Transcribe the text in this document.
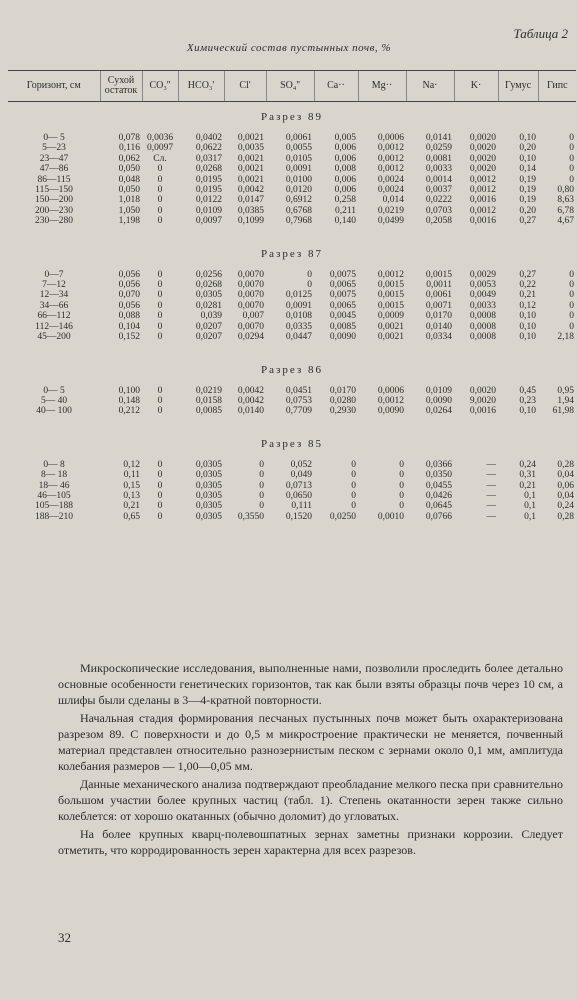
Таблица 2
Химический состав пустынных почв, %
Горизонт, см	Сухой остаток	CO₃''	HCO₃'	Cl'	SO₄''	Ca··	Mg··	Na·	K·	Гумус	Гипс
Разрез 89											
0— 5	0,078	0,0036	0,0402	0,0021	0,0061	0,005	0,0006	0,0141	0,0020	0,10	0
5—23	0,116	0,0097	0,0622	0,0035	0,0055	0,006	0,0012	0,0259	0,0020	0,20	0
23—47	0,062	Сл.	0,0317	0,0021	0,0105	0,006	0,0012	0,0081	0,0020	0,10	0
47—86	0,050	0	0,0268	0,0021	0,0091	0,008	0,0012	0,0033	0,0020	0,14	0
86—115	0,048	0	0,0195	0,0021	0,0100	0,006	0,0024	0,0014	0,0012	0,19	0
115—150	0,050	0	0,0195	0,0042	0,0120	0,006	0,0024	0,0037	0,0012	0,19	0,80
150—200	1,018	0	0,0122	0,0147	0,6912	0,258	0,014	0,0222	0,0016	0,19	8,63
200—230	1,050	0	0,0109	0,0385	0,6768	0,211	0,0219	0,0703	0,0012	0,20	6,78
230—280	1,198	0	0,0097	0,1099	0,7968	0,140	0,0499	0,2058	0,0016	0,27	4,67

Разрез 87											
0—7	0,056	0	0,0256	0,0070	0	0,0075	0,0012	0,0015	0,0029	0,27	0
7—12	0,056	0	0,0268	0,0070	0	0,0065	0,0015	0,0011	0,0053	0,22	0
12—34	0,070	0	0,0305	0,0070	0,0125	0,0075	0,0015	0,0061	0,0049	0,21	0
34—66	0,056	0	0,0281	0,0070	0,0091	0,0065	0,0015	0,0071	0,0033	0,12	0
66—112	0,088	0	0,039	0,007	0,0108	0,0045	0,0009	0,0170	0,0008	0,10	0
112—146	0,104	0	0,0207	0,0070	0,0335	0,0085	0,0021	0,0140	0,0008	0,10	0
45—200	0,152	0	0,0207	0,0294	0,0447	0,0090	0,0021	0,0334	0,0008	0,10	2,18

Разрез 86											
0— 5	0,100	0	0,0219	0,0042	0,0451	0,0170	0,0006	0,0109	0,0020	0,45	0,95
5— 40	0,148	0	0,0158	0,0042	0,0753	0,0280	0,0012	0,0090	9,0020	0,23	1,94
40— 100	0,212	0	0,0085	0,0140	0,7709	0,2930	0,0090	0,0264	0,0016	0,10	61,98

Разрез 85											
0— 8	0,12	0	0,0305	0	0,052	0	0	0,0366	—	0,24	0,28
8— 18	0,11	0	0,0305	0	0,049	0	0	0,0350	—	0,31	0,04
18— 46	0,15	0	0,0305	0	0,0713	0	0	0,0455	—	0,21	0,06
46—105	0,13	0	0,0305	0	0,0650	0	0	0,0426	—	0,1	0,04
105—188	0,21	0	0,0305	0	0,111	0	0	0,0645	—	0,1	0,24
188—210	0,65	0	0,0305	0,3550	0,1520	0,0250	0,0010	0,0766	—	0,1	0,28

Микроскопические исследования, выполненные нами, позволили проследить более детально основные особенности генетических горизонтов, так как были взяты образцы почв через 10 см, а шлифы были сделаны в 3—4-кратной повторности.

Начальная стадия формирования песчаных пустынных почв может быть охарактеризована разрезом 89. С поверхности и до 0,5 м микростроение практически не меняется, почвенный материал представлен относительно разнозернистым песком с зернами около 0,1 мм, амплитуда колебания размеров — 1,00—0,05 мм.

Данные механического анализа подтверждают преобладание мелкого песка при сравнительно большом участии более крупных частиц (табл. 1). Степень окатанности зерен также сильно колеблется: от хорошо окатанных (обычно доломит) до угловатых.

На более крупных кварц-полевошпатных зернах заметны признаки коррозии. Следует отметить, что корродированность зерен характерна для всех разрезов.

32
